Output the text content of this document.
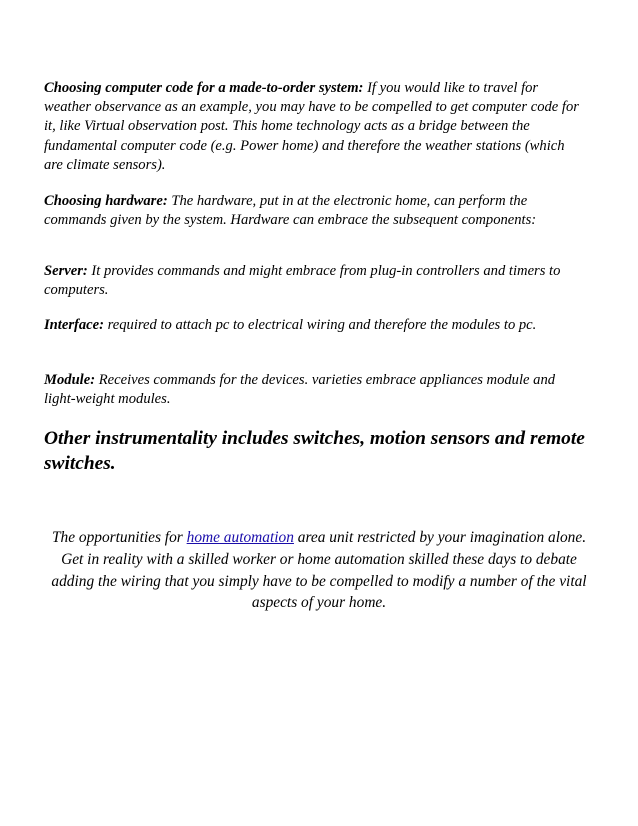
Choosing computer code for a made-to-order system: If you would like to travel for weather observance as an example, you may have to be compelled to get computer code for it, like Virtual observation post. This home technology acts as a bridge between the fundamental computer code (e.g. Power home) and therefore the weather stations (which are climate sensors).

Choosing hardware: The hardware, put in at the electronic home, can perform the commands given by the system. Hardware can embrace the subsequent components:

Server: It provides commands and might embrace from plug-in controllers and timers to computers.

Interface: required to attach pc to electrical wiring and therefore the modules to pc.

Module: Receives commands for the devices. varieties embrace appliances module and light-weight modules.

Other instrumentality includes switches, motion sensors and remote switches.

The opportunities for home automation area unit restricted by your imagination alone. Get in reality with a skilled worker or home automation skilled these days to debate adding the wiring that you simply have to be compelled to modify a number of the vital aspects of your home.
